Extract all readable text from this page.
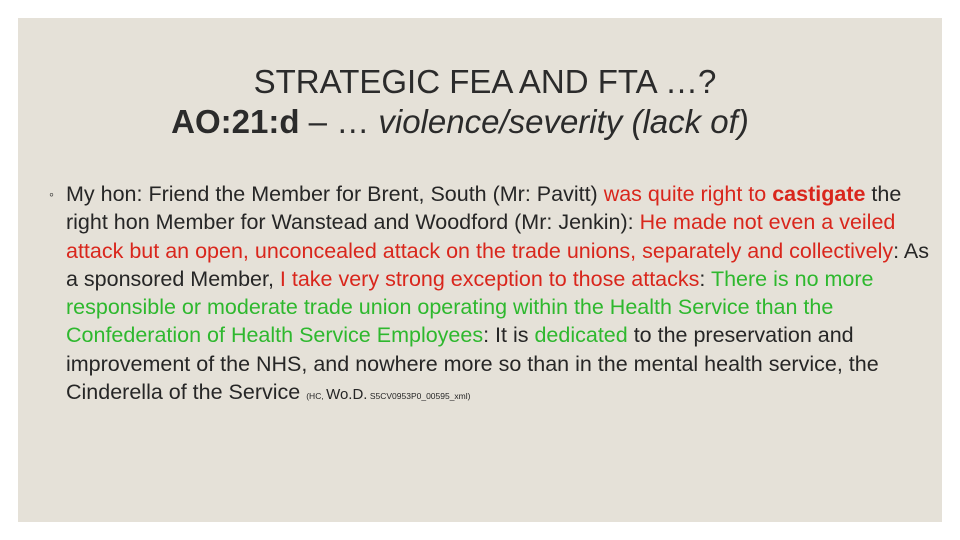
STRATEGIC FEA AND FTA …?
AO:21:d – … violence/severity (lack of)
◦ My hon: Friend the Member for Brent, South (Mr: Pavitt) was quite right to castigate the right hon Member for Wanstead and Woodford (Mr: Jenkin): He made not even a veiled attack but an open, unconcealed attack on the trade unions, separately and collectively: As a sponsored Member, I take very strong exception to those attacks: There is no more responsible or moderate trade union operating within the Health Service than the Confederation of Health Service Employees: It is dedicated to the preservation and improvement of the NHS, and nowhere more so than in the mental health service, the Cinderella of the Service (HC, Wo.D. S5CV0953P0_00595_xml)
